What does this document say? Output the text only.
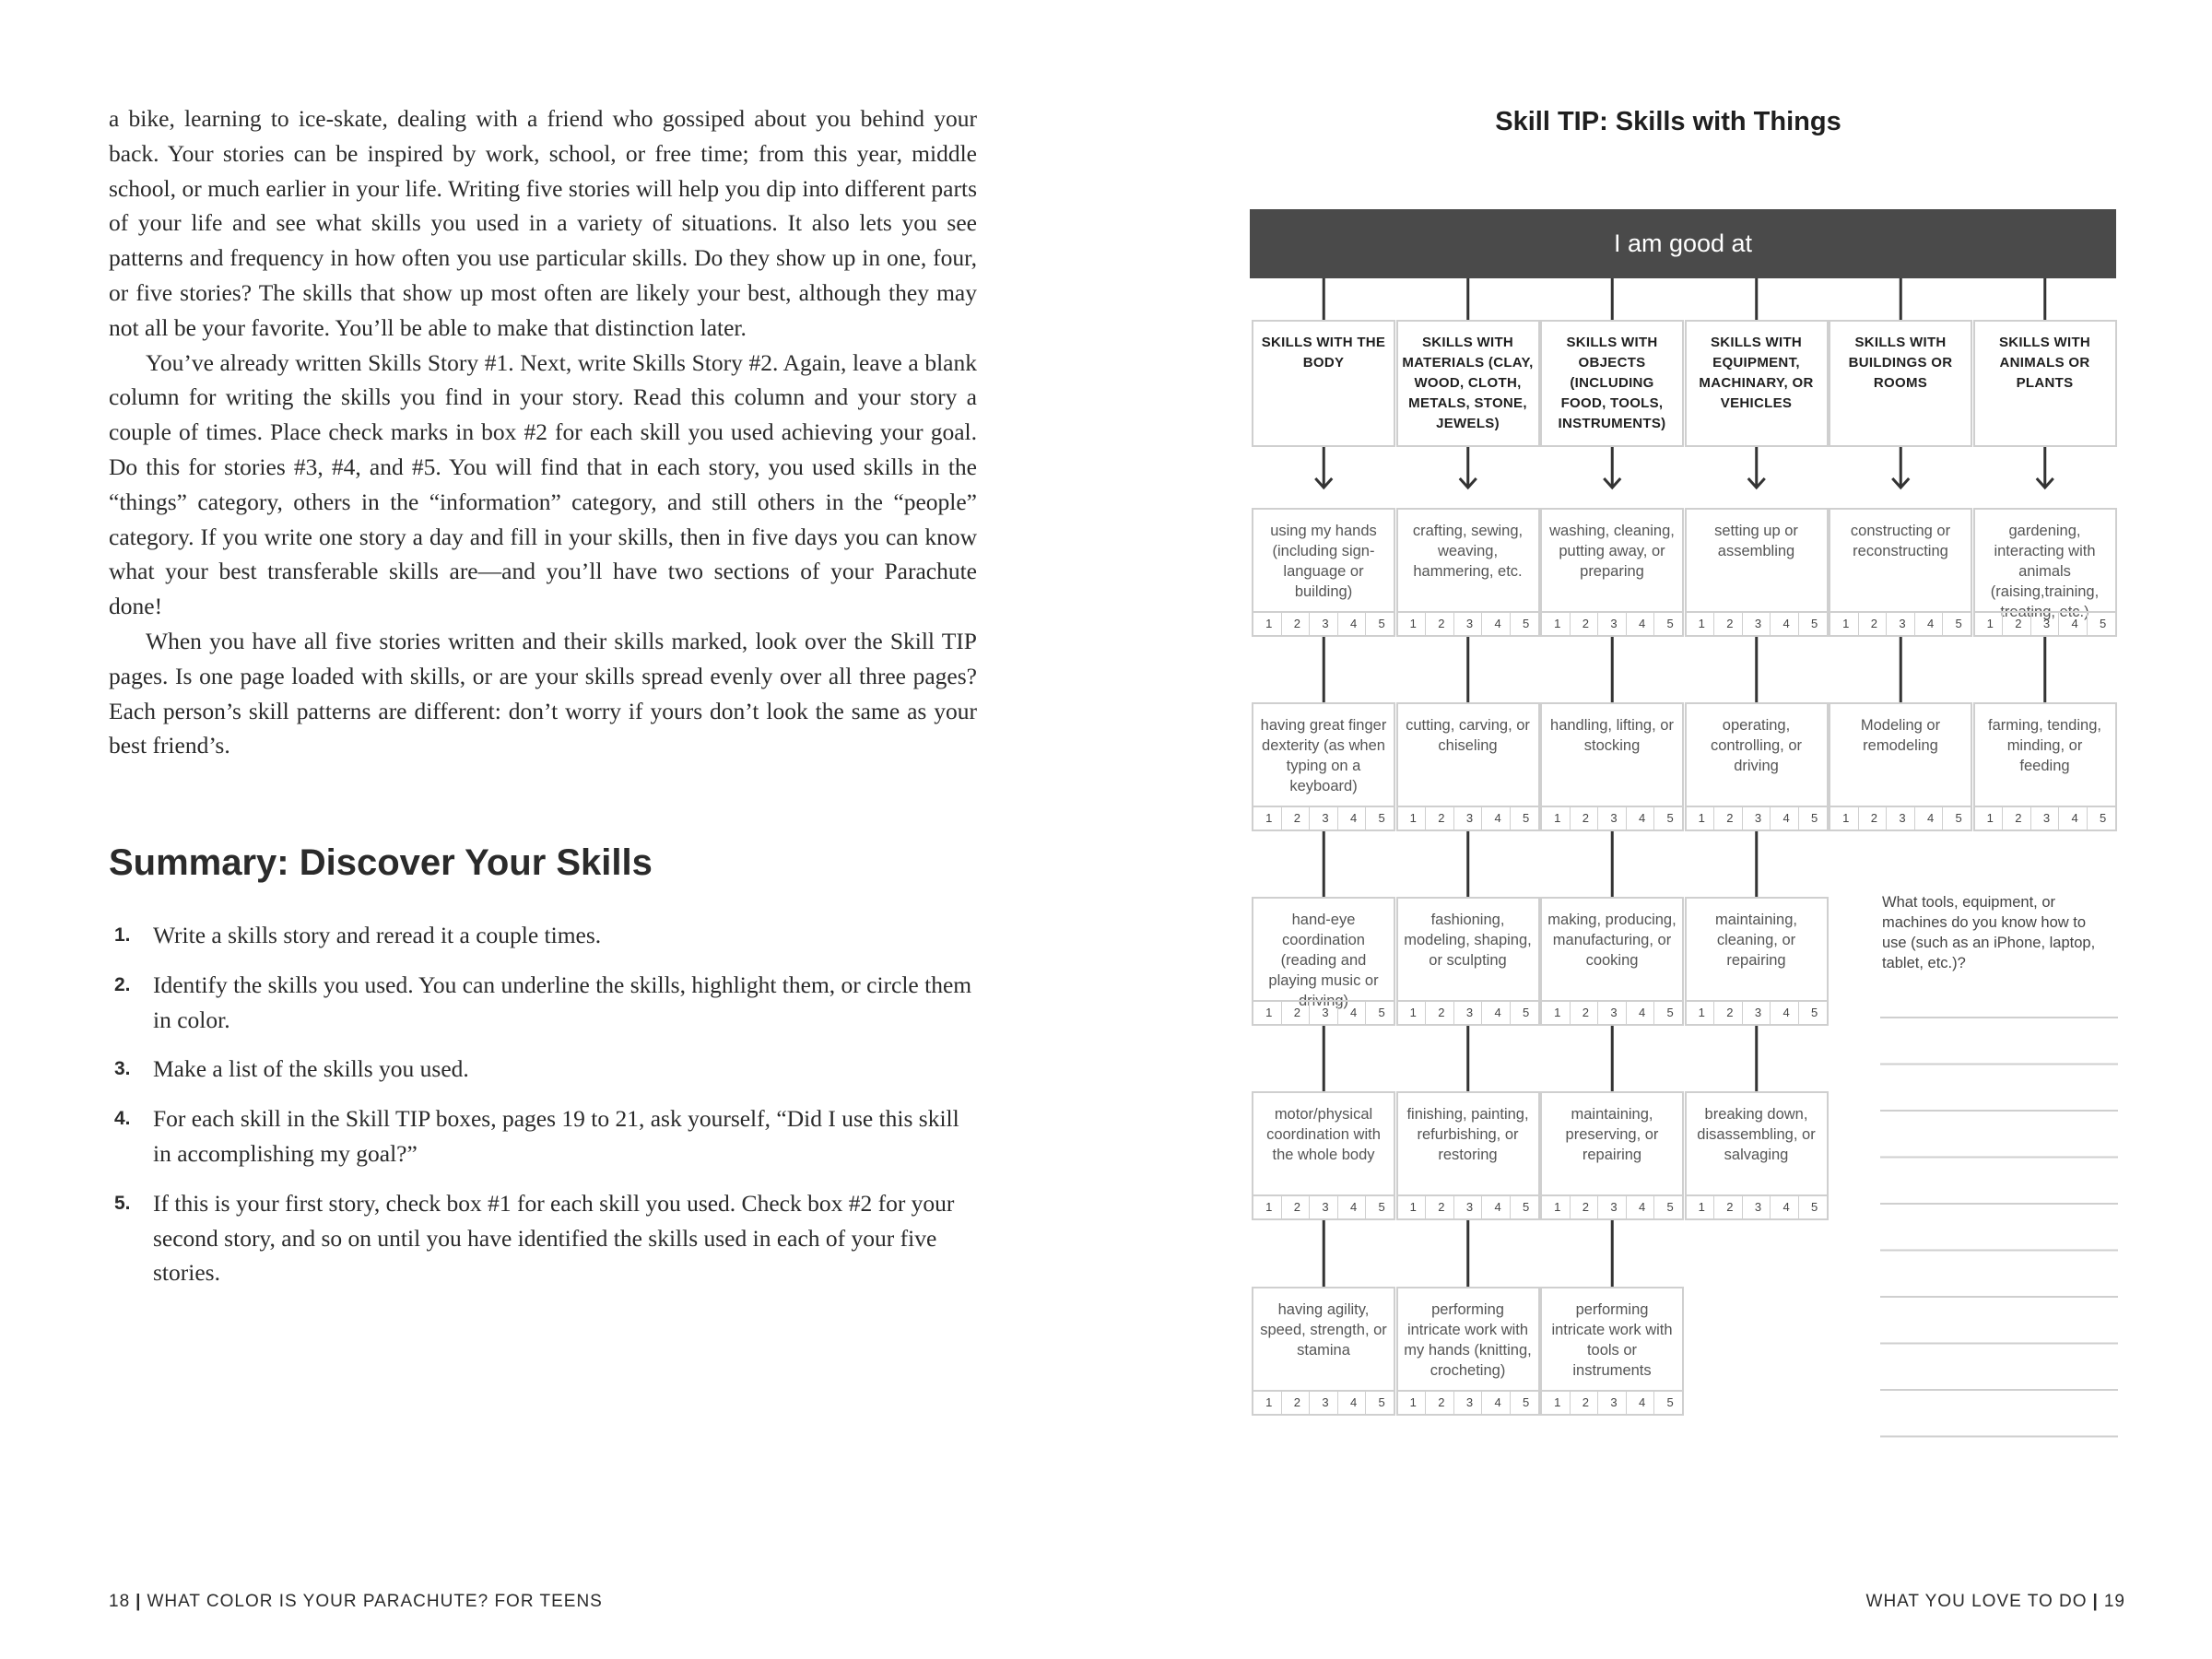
a bike, learning to ice-skate, dealing with a friend who gossiped about you behind your back. Your stories can be inspired by work, school, or free time; from this year, middle school, or much earlier in your life. Writing five stories will help you dip into different parts of your life and see what skills you used in a variety of situations. It also lets you see patterns and frequency in how often you use particular skills. Do they show up in one, four, or five stories? The skills that show up most often are likely your best, although they may not all be your favorite. You’ll be able to make that distinction later.

You’ve already written Skills Story #1. Next, write Skills Story #2. Again, leave a blank column for writing the skills you find in your story. Read this column and your story a couple of times. Place check marks in box #2 for each skill you used achieving your goal. Do this for stories #3, #4, and #5. You will find that in each story, you used skills in the “things” category, others in the “information” category, and still others in the “people” category. If you write one story a day and fill in your skills, then in five days you can know what your best transferable skills are—and you’ll have two sections of your Parachute done!

When you have all five stories written and their skills marked, look over the Skill TIP pages. Is one page loaded with skills, or are your skills spread evenly over all three pages? Each person’s skill patterns are different: don’t worry if yours don’t look the same as your best friend’s.

Summary: Discover Your Skills
1. Write a skills story and reread it a couple times.
2. Identify the skills you used. You can underline the skills, highlight them, or circle them in color.
3. Make a list of the skills you used.
4. For each skill in the Skill TIP boxes, pages 19 to 21, ask yourself, “Did I use this skill in accomplishing my goal?”
5. If this is your first story, check box #1 for each skill you used. Check box #2 for your second story, and so on until you have identified the skills used in each of your five stories.
18 | WHAT COLOR IS YOUR PARACHUTE? FOR TEENS
Skill TIP: Skills with Things
I am good at
SKILLS WITH THE BODY
using my hands (including sign-language or building)
1	2	3	4	5
having great finger dexterity (as when typing on a keyboard)
1	2	3	4	5
hand-eye coordination (reading and playing music or driving)
1	2	3	4	5
motor/physical coordination with the whole body
1	2	3	4	5
having agility, speed, strength, or stamina
1	2	3	4	5
SKILLS WITH MATERIALS (CLAY, WOOD, CLOTH, METALS, STONE, JEWELS)
crafting, sewing, weaving, hammering, etc.
1	2	3	4	5
cutting, carving, or chiseling
1	2	3	4	5
fashioning, modeling, shaping, or sculpting
1	2	3	4	5
finishing, painting, refurbishing, or restoring
1	2	3	4	5
performing intricate work with my hands (knitting, crocheting)
1	2	3	4	5
SKILLS WITH OBJECTS (INCLUDING FOOD, TOOLS, INSTRUMENTS)
washing, cleaning, putting away, or preparing
1	2	3	4	5
handling, lifting, or stocking
1	2	3	4	5
making, producing, manufacturing, or cooking
1	2	3	4	5
maintaining, preserving, or repairing
1	2	3	4	5
performing intricate work with tools or instruments
1	2	3	4	5
SKILLS WITH EQUIPMENT, MACHINARY, OR VEHICLES
setting up or assembling
1	2	3	4	5
operating, controlling, or driving
1	2	3	4	5
maintaining, cleaning, or repairing
1	2	3	4	5
breaking down, disassembling, or salvaging
1	2	3	4	5
SKILLS WITH BUILDINGS OR ROOMS
constructing or reconstructing
1	2	3	4	5
Modeling or remodeling
1	2	3	4	5
SKILLS WITH ANIMALS OR PLANTS
gardening, interacting with animals (raising,training, treating, etc.)
1	2	3	4	5
farming, tending, minding, or feeding
1	2	3	4	5
What tools, equipment, or machines do you know how to use (such as an iPhone, laptop, tablet, etc.)?
WHAT YOU LOVE TO DO | 19
